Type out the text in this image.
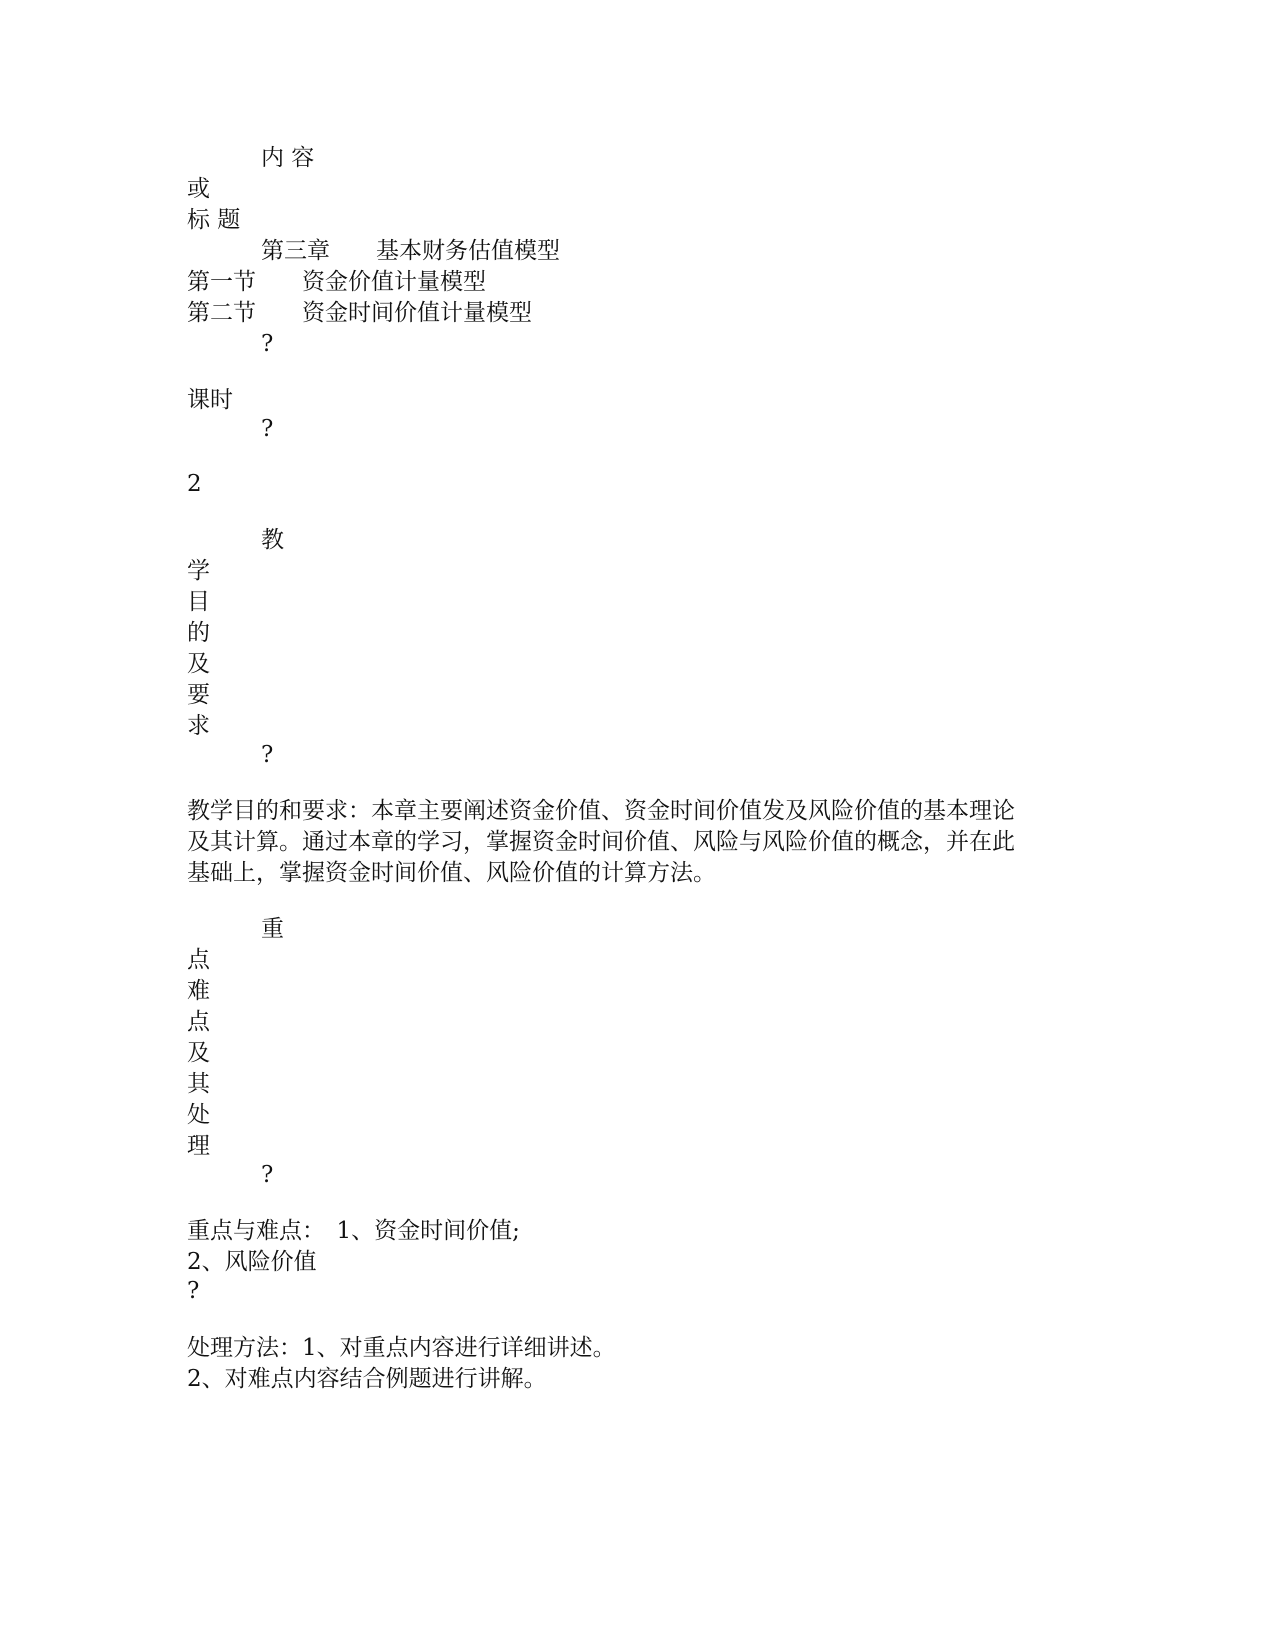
内 容

或

标 题

第三章　　基本财务估值模型

第一节　　资金价值计量模型

第二节　　资金时间价值计量模型

?

课时

?

2

教

学

目

的

及

要

求

?

教学目的和要求：本章主要阐述资金价值、资金时间价值发及风险价值的基本理论

及其计算。通过本章的学习，掌握资金时间价值、风险与风险价值的概念，并在此

基础上，掌握资金时间价值、风险价值的计算方法。

重

点

难

点

及

其

处

理

?

重点与难点：　1、资金时间价值;

2、风险价值

?

处理方法：1、对重点内容进行详细讲述。

2、对难点内容结合例题进行讲解。
